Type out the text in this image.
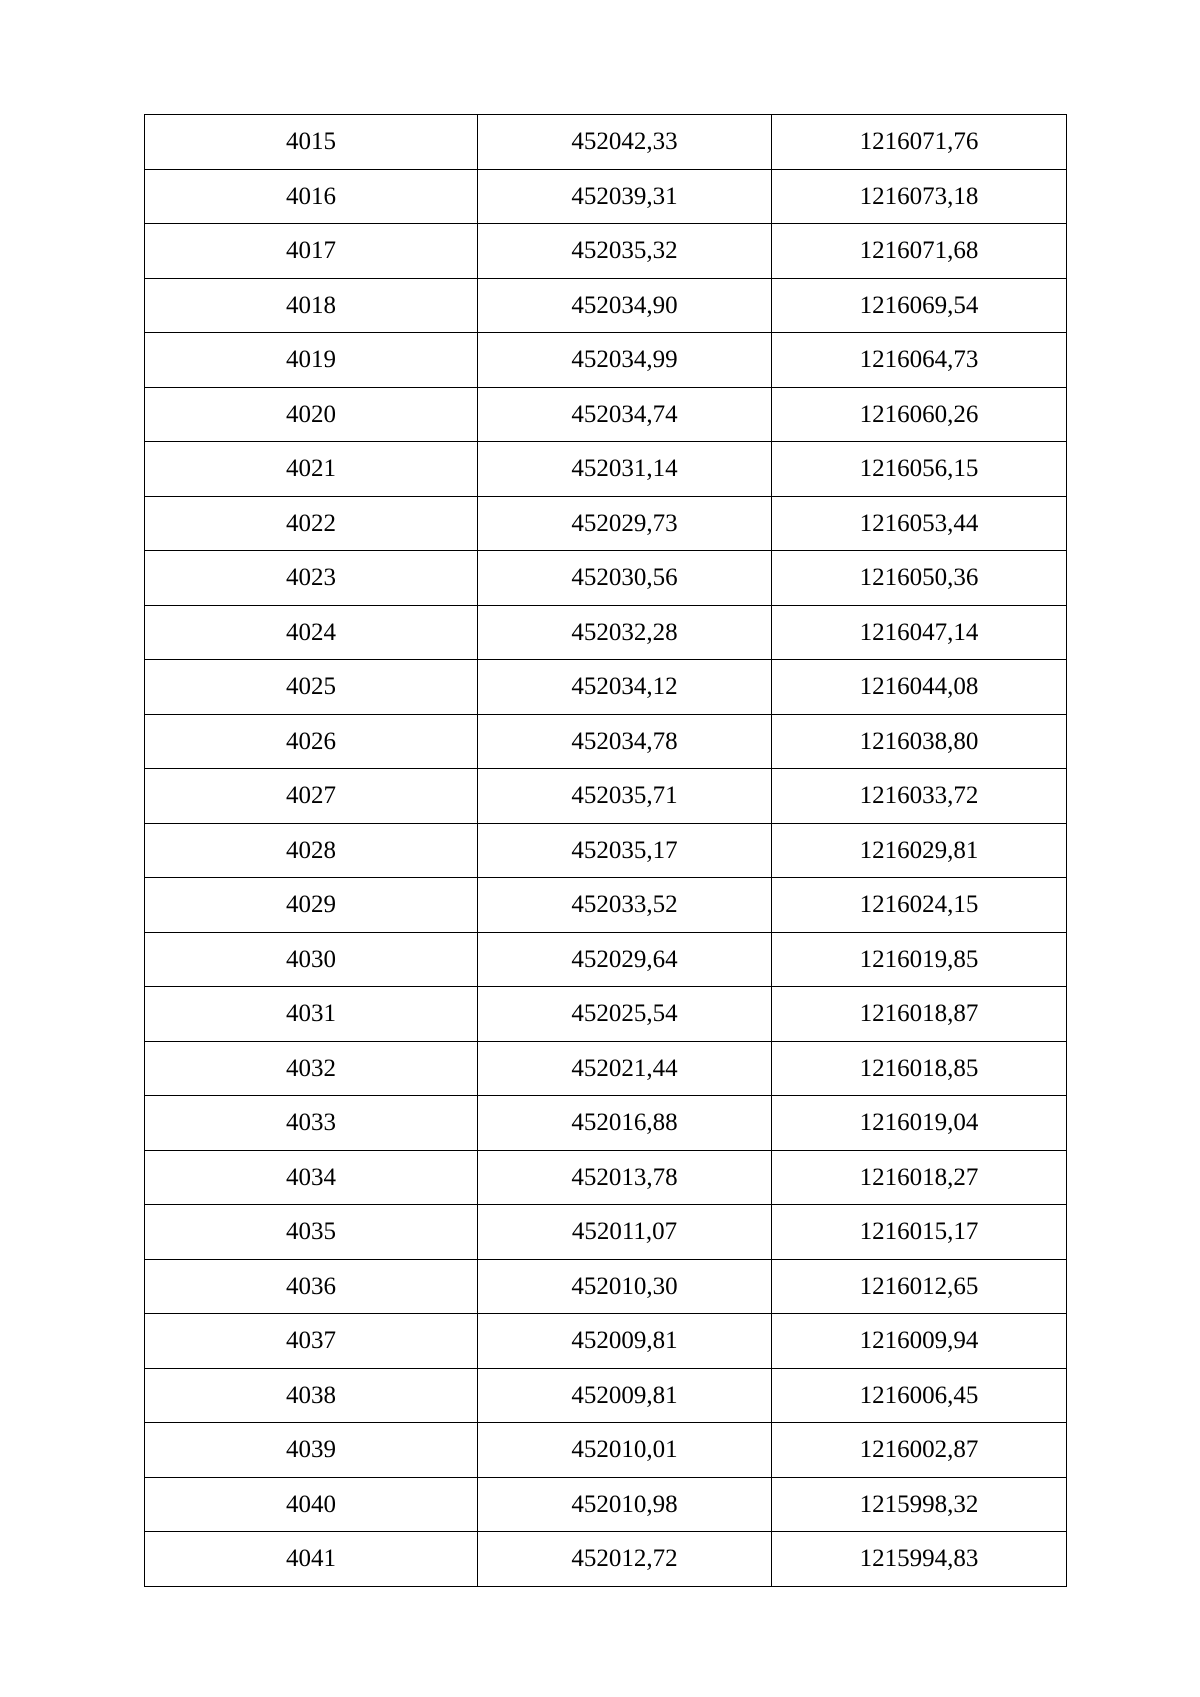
4015	452042,33	1216071,76
4016	452039,31	1216073,18
4017	452035,32	1216071,68
4018	452034,90	1216069,54
4019	452034,99	1216064,73
4020	452034,74	1216060,26
4021	452031,14	1216056,15
4022	452029,73	1216053,44
4023	452030,56	1216050,36
4024	452032,28	1216047,14
4025	452034,12	1216044,08
4026	452034,78	1216038,80
4027	452035,71	1216033,72
4028	452035,17	1216029,81
4029	452033,52	1216024,15
4030	452029,64	1216019,85
4031	452025,54	1216018,87
4032	452021,44	1216018,85
4033	452016,88	1216019,04
4034	452013,78	1216018,27
4035	452011,07	1216015,17
4036	452010,30	1216012,65
4037	452009,81	1216009,94
4038	452009,81	1216006,45
4039	452010,01	1216002,87
4040	452010,98	1215998,32
4041	452012,72	1215994,83
